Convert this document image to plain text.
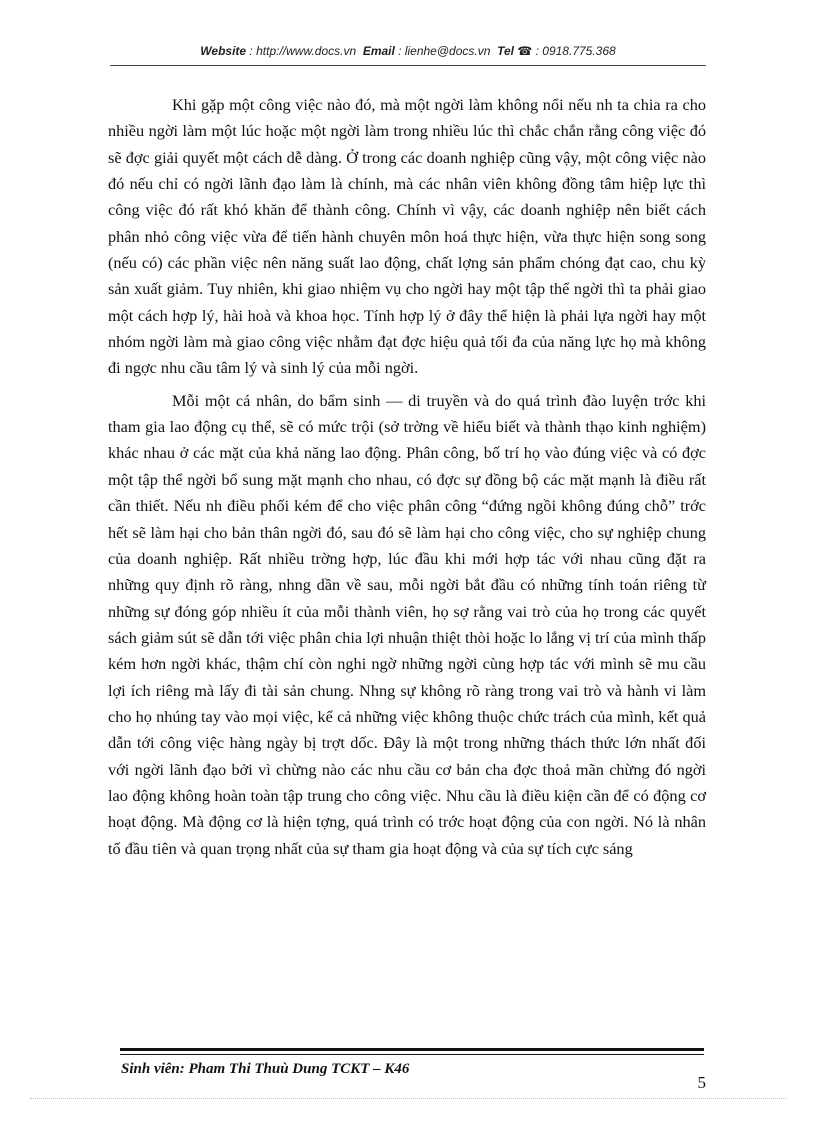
Website : http://www.docs.vn Email : lienhe@docs.vn Tel ☎ : 0918.775.368

Khi gặp một công việc nào đó, mà một ngời làm không nổi nếu nh ta chia ra cho nhiều ngời làm một lúc hoặc một ngời làm trong nhiều lúc thì chắc chắn rằng công việc đó sẽ đợc giải quyết một cách dễ dàng. Ở trong các doanh nghiệp cũng vậy, một công việc nào đó nếu chỉ có ngời lãnh đạo làm là chính, mà các nhân viên không đồng tâm hiệp lực thì công việc đó rất khó khăn để thành công. Chính vì vậy, các doanh nghiệp nên biết cách phân nhỏ công việc vừa để tiến hành chuyên môn hoá thực hiện, vừa thực hiện song song (nếu có) các phần việc nên năng suất lao động, chất lợng sản phẩm chóng đạt cao, chu kỳ sản xuất giảm. Tuy nhiên, khi giao nhiệm vụ cho ngời hay một tập thể ngời thì ta phải giao một cách hợp lý, hài hoà và khoa học. Tính hợp lý ở đây thể hiện là phải lựa ngời hay một nhóm ngời làm mà giao công việc nhằm đạt đợc hiệu quả tối đa của năng lực họ mà không đi ngợc nhu cầu tâm lý và sinh lý của mỗi ngời.

Mỗi một cá nhân, do bẩm sinh — di truyền và do quá trình đào luyện trớc khi tham gia lao động cụ thể, sẽ có mức trội (sở trờng về hiểu biết và thành thạo kinh nghiệm) khác nhau ở các mặt của khả năng lao động. Phân công, bố trí họ vào đúng việc và có đợc một tập thể ngời bổ sung mặt mạnh cho nhau, có đợc sự đồng bộ các mặt mạnh là điều rất cần thiết. Nếu nh điều phối kém để cho việc phân công “đứng ngồi không đúng chỗ” trớc hết sẽ làm hại cho bản thân ngời đó, sau đó sẽ làm hại cho công việc, cho sự nghiệp chung của doanh nghiệp. Rất nhiều trờng hợp, lúc đầu khi mới hợp tác với nhau cũng đặt ra những quy định rõ ràng, nhng dần về sau, mỗi ngời bắt đầu có những tính toán riêng từ những sự đóng góp nhiều ít của mỗi thành viên, họ sợ rằng vai trò của họ trong các quyết sách giảm sút sẽ dẫn tới việc phân chia lợi nhuận thiệt thòi hoặc lo lắng vị trí của mình thấp kém hơn ngời khác, thậm chí còn nghi ngờ những ngời cùng hợp tác với mình sẽ mu cầu lợi ích riêng mà lấy đi tài sản chung. Nhng sự không rõ ràng trong vai trò và hành vi làm cho họ nhúng tay vào mọi việc, kể cả những việc không thuộc chức trách của mình, kết quả dẫn tới công việc hàng ngày bị trợt dốc. Đây là một trong những thách thức lớn nhất đối với ngời lãnh đạo bởi vì chừng nào các nhu cầu cơ bản cha đợc thoả mãn chừng đó ngời lao động không hoàn toàn tập trung cho công việc. Nhu cầu là điều kiện cần để có động cơ hoạt động. Mà động cơ là hiện tợng, quá trình có trớc hoạt động của con ngời. Nó là nhân tố đầu tiên và quan trọng nhất của sự tham gia hoạt động và của sự tích cực sáng

Sinh viên: Pham Thi Thuù Dung TCKT – K46
5
